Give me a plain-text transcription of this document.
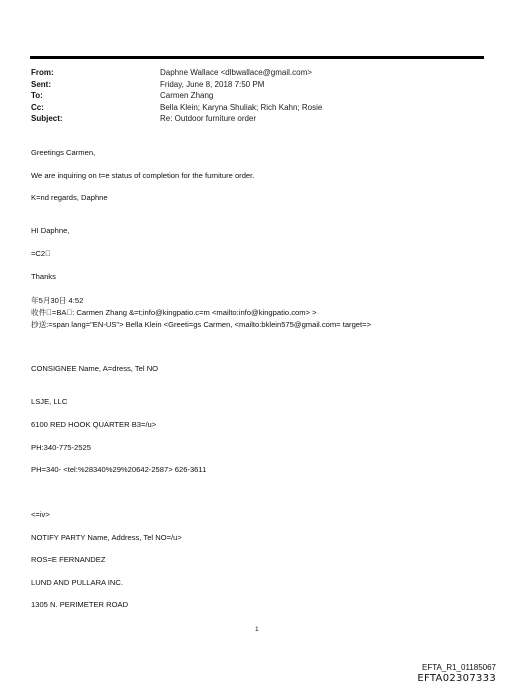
From:	Daphne Wallace <dlbwallace@gmail.com>
Sent:	Friday, June 8, 2018 7:50 PM
To:	Carmen Zhang
Cc:	Bella Klein; Karyna Shuliak; Rich Kahn; Rosie
Subject:	Re: Outdoor furniture order
Greetings Carmen,
We are inquiring on t=e status of completion for the furniture order.
K=nd regards, Daphne
HI Daphne,
=C2 
Thanks
年5月30日 4:52
收件 =BA : Carmen Zhang &=t;info@kingpatio.c=m <mailto:info@kingpatio.com> >
抄送:=span lang="EN-US"> Bella Klein <Greeti=gs Carmen, <mailto:bklein575@gmail.com= target=>
CONSIGNEE Name, A=dress, Tel NO
LSJE, LLC
6100 RED HOOK QUARTER B3=/u>
PH:340-775-2525
PH=340- <tel:%28340%29%20642-2587> 626-3611
<=iv>
NOTIFY PARTY Name, Address, Tel NO=/u>
ROS=E FERNANDEZ
LUND AND PULLARA INC.
1305 N. PERIMETER ROAD
1
EFTA_R1_01185067
EFTA02307333
